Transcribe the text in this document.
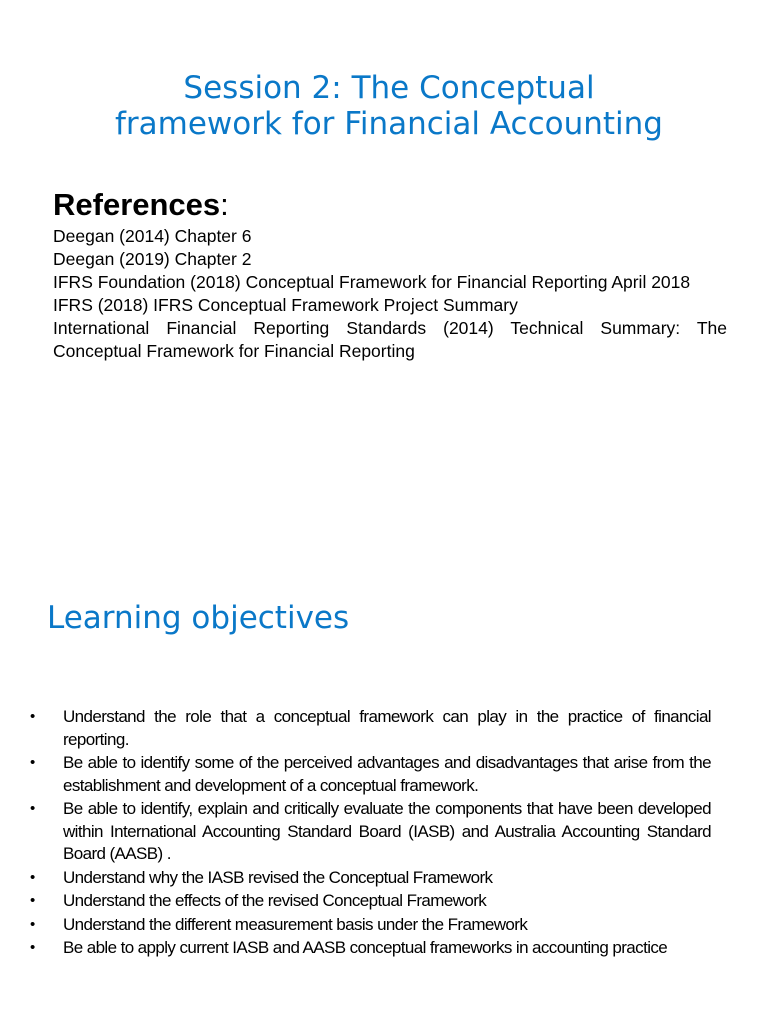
Session 2: The Conceptual
framework for Financial Accounting
References:
Deegan (2014) Chapter 6
Deegan (2019) Chapter 2
IFRS Foundation (2018) Conceptual Framework for Financial Reporting April 2018
IFRS (2018) IFRS Conceptual Framework Project Summary
International Financial Reporting Standards (2014) Technical Summary: The Conceptual Framework for Financial Reporting
Learning objectives
•	Understand the role that a conceptual framework can play in the practice of financial reporting.
•	Be able to identify some of the perceived advantages and disadvantages that arise from the establishment and development of a conceptual framework.
•	Be able to identify, explain and critically evaluate the components that have been developed within International Accounting Standard Board (IASB) and Australia Accounting Standard Board (AASB) .
•	Understand why the IASB revised the Conceptual Framework
•	Understand the effects of the revised Conceptual Framework
•	Understand the different measurement basis under the Framework
•	Be able to apply current IASB and AASB conceptual frameworks in accounting practice
